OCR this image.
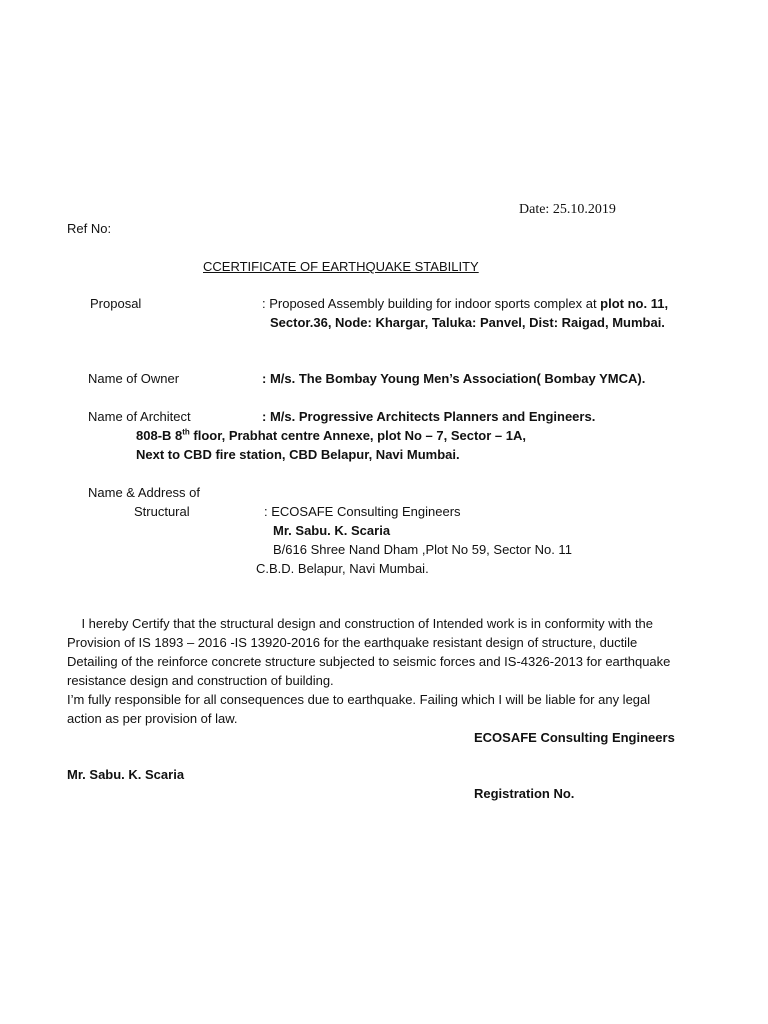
Date: 25.10.2019
Ref No:
CCERTIFICATE OF EARTHQUAKE STABILITY
Proposal	: Proposed Assembly building for indoor sports complex at plot no. 11,
Sector.36, Node: Khargar, Taluka: Panvel, Dist: Raigad, Mumbai.
Name of Owner	: M/s. The Bombay Young Men’s Association( Bombay YMCA).
Name of Architect	: M/s. Progressive Architects Planners and Engineers.
808-B 8th floor, Prabhat centre Annexe, plot No – 7, Sector – 1A,
Next to CBD fire station, CBD Belapur, Navi Mumbai.
Name & Address of
Structural	: ECOSAFE Consulting Engineers
Mr. Sabu. K. Scaria
B/616 Shree Nand Dham ,Plot No 59, Sector No. 11
C.B.D. Belapur, Navi Mumbai.
I hereby Certify that the structural design and construction of Intended work is in conformity with the
Provision of IS 1893 – 2016 -IS 13920-2016 for the earthquake resistant design of structure, ductile
Detailing of the reinforce concrete structure subjected to seismic forces and IS-4326-2013 for earthquake
resistance design and construction of building.
I’m fully responsible for all consequences due to earthquake. Failing which I will be liable for any legal
action as per provision of law.
ECOSAFE Consulting Engineers
Mr. Sabu. K. Scaria
Registration No.
